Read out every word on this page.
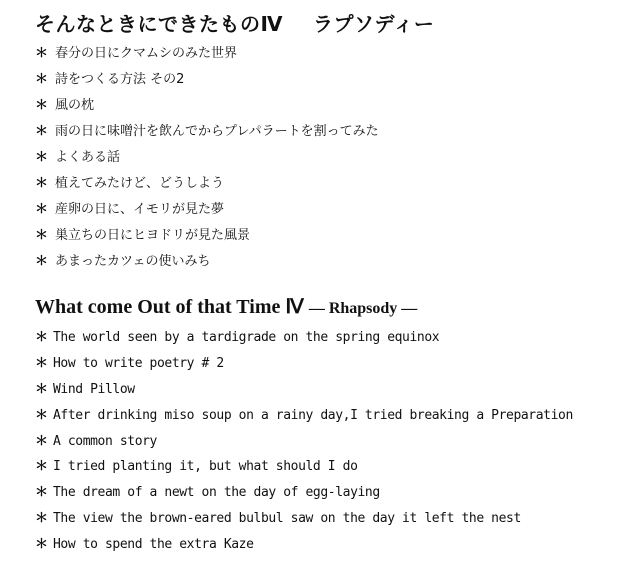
そんなときにできたものⅣ ラプソディー
＊ 春分の日にクマムシのみた世界
＊ 詩をつくる方法 その2
＊ 風の枕
＊ 雨の日に味噌汁を飲んでからプレパラートを割ってみた
＊ よくある話
＊ 植えてみたけど、どうしよう
＊ 産卵の日に、イモリが見た夢
＊ 巣立ちの日にヒヨドリが見た風景
＊ あまったカツェの使いみち
What come Out of that Time Ⅳ — Rhapsody —
＊ The world seen by a tardigrade on the spring equinox
＊ How to write poetry # 2
＊ Wind Pillow
＊ After drinking miso soup on a rainy day,I tried breaking a Preparation
＊ A common story
＊ I tried planting it, but what should I do
＊ The dream of a newt on the day of egg-laying
＊ The view the brown-eared bulbul saw on the day it left the nest
＊ How to spend the extra Kaze
